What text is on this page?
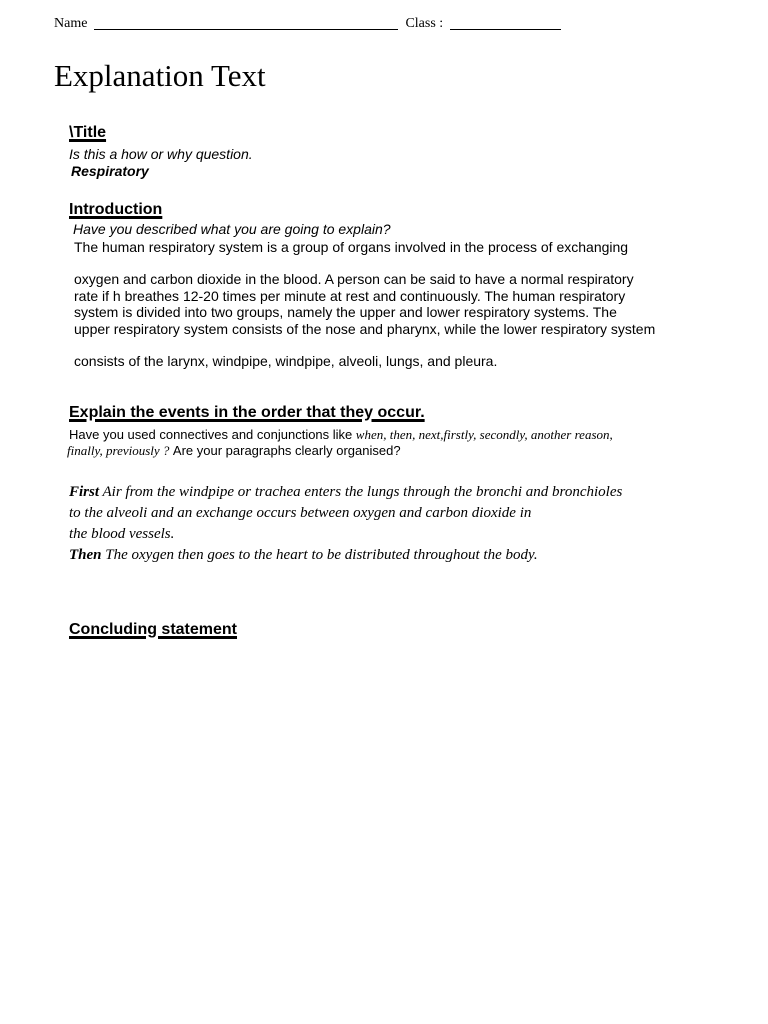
Name	Class :
Explanation Text
\Title

Is this a how or why question.

Respiratory

Introduction

Have you described what you are going to explain?

The human respiratory system is a group of organs involved in the process of exchanging

oxygen and carbon dioxide in the blood. A person can be said to have a normal respiratory

rate if h breathes 12-20 times per minute at rest and continuously. The human respiratory

system is divided into two groups, namely the upper and lower respiratory systems. The

upper respiratory system consists of the nose and pharynx, while the lower respiratory system

consists of the larynx, windpipe, windpipe, alveoli, lungs, and pleura.

Explain the events in the order that they occur.

Have you used connectives and conjunctions like when, then, next,firstly, secondly, another reason,

finally, previously ? Are your paragraphs clearly organised?

First Air from the windpipe or trachea enters the lungs through the bronchi and bronchioles

to the alveoli and an exchange occurs between oxygen and carbon dioxide in

the blood vessels.

Then The oxygen then goes to the heart to be distributed throughout the body.

Concluding statement
